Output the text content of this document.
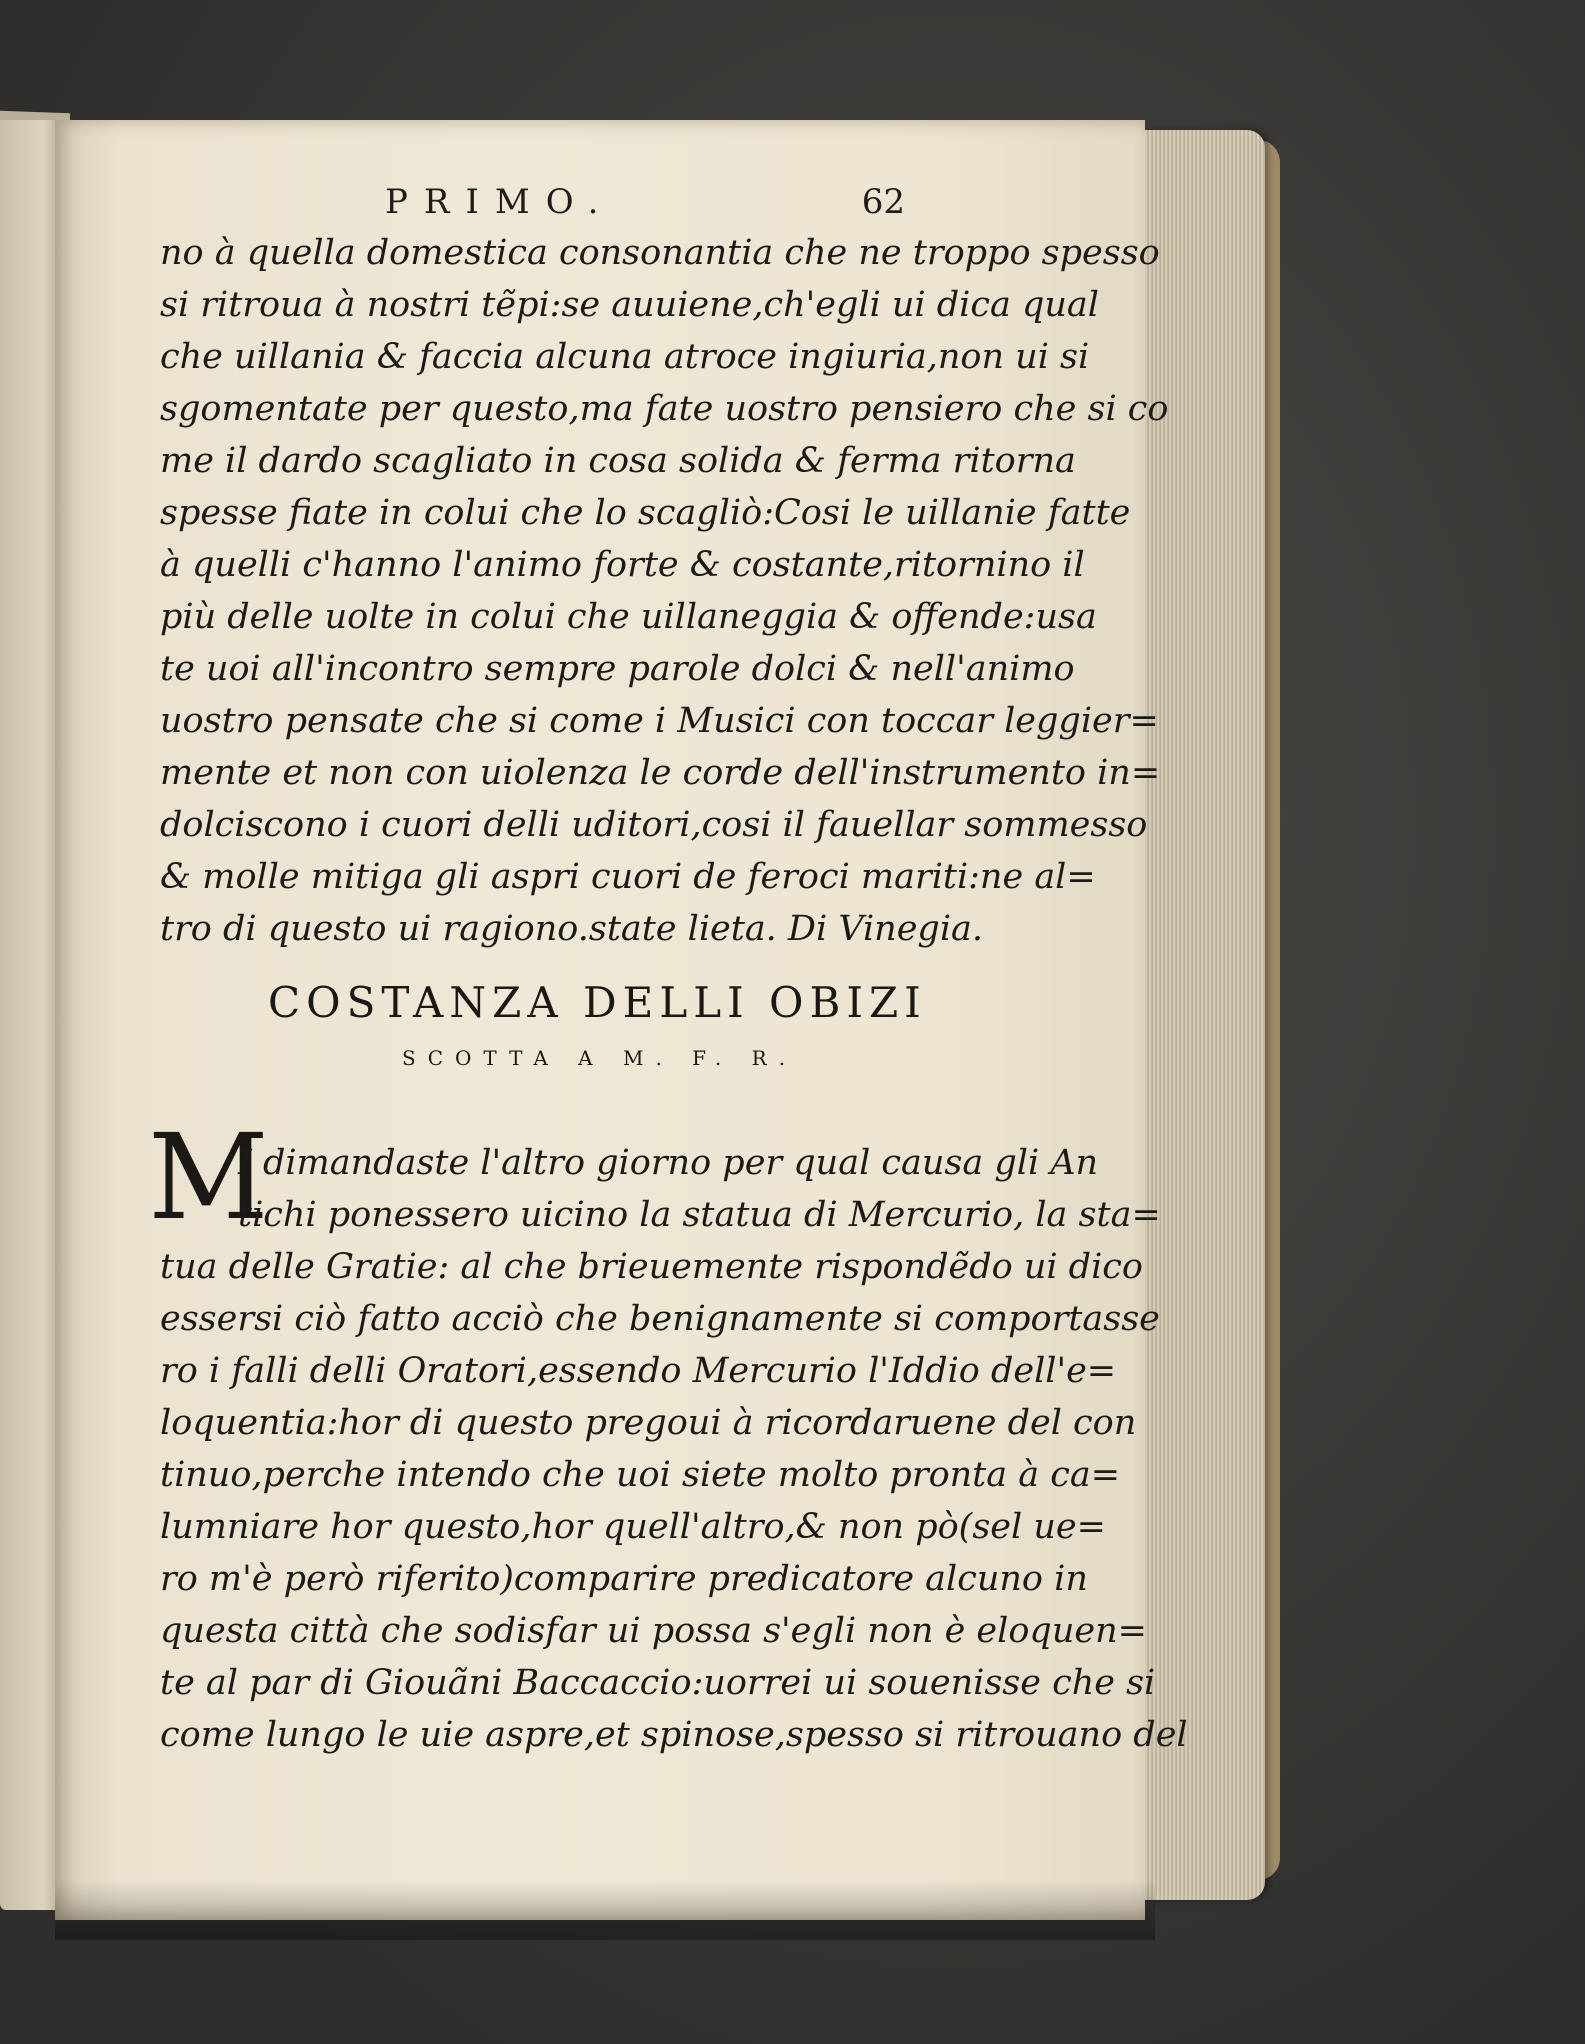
PRIMO.	62
no à quella domestica consonantia che ne troppo spesso
si ritroua à nostri tẽpi:se auuiene,ch'egli ui dica qual
che uillania & faccia alcuna atroce ingiuria,non ui si
sgomentate per questo,ma fate uostro pensiero che si co
me il dardo scagliato in cosa solida & ferma ritorna
spesse fiate in colui che lo scagliò:Cosi le uillanie fatte
à quelli c'hanno l'animo forte & costante,ritornino il
più delle uolte in colui che uillaneggia & offende:usa
te uoi all'incontro sempre parole dolci & nell'animo
uostro pensate che si come i Musici con toccar leggier=
mente et non con uiolenza le corde dell'instrumento in=
dolciscono i cuori delli uditori,cosi il fauellar sommesso
& molle mitiga gli aspri cuori de feroci mariti:ne al=
tro di questo ui ragiono.state lieta. Di Vinegia.
COSTANZA DELLI OBIZI
SCOTTA A M. F. R.
M
I dimandaste l'altro giorno per qual causa gli An
tichi ponessero uicino la statua di Mercurio, la sta=
tua delle Gratie: al che brieuemente rispondẽdo ui dico
essersi ciò fatto acciò che benignamente si comportasse
ro i falli delli Oratori,essendo Mercurio l'Iddio dell'e=
loquentia:hor di questo pregoui à ricordaruene del con
tinuo,perche intendo che uoi siete molto pronta à ca=
lumniare hor questo,hor quell'altro,& non pò(sel ue=
ro m'è però riferito)comparire predicatore alcuno in
questa città che sodisfar ui possa s'egli non è eloquen=
te al par di Giouãni Baccaccio:uorrei ui souenisse che si
come lungo le uie aspre,et spinose,spesso si ritrouano del
